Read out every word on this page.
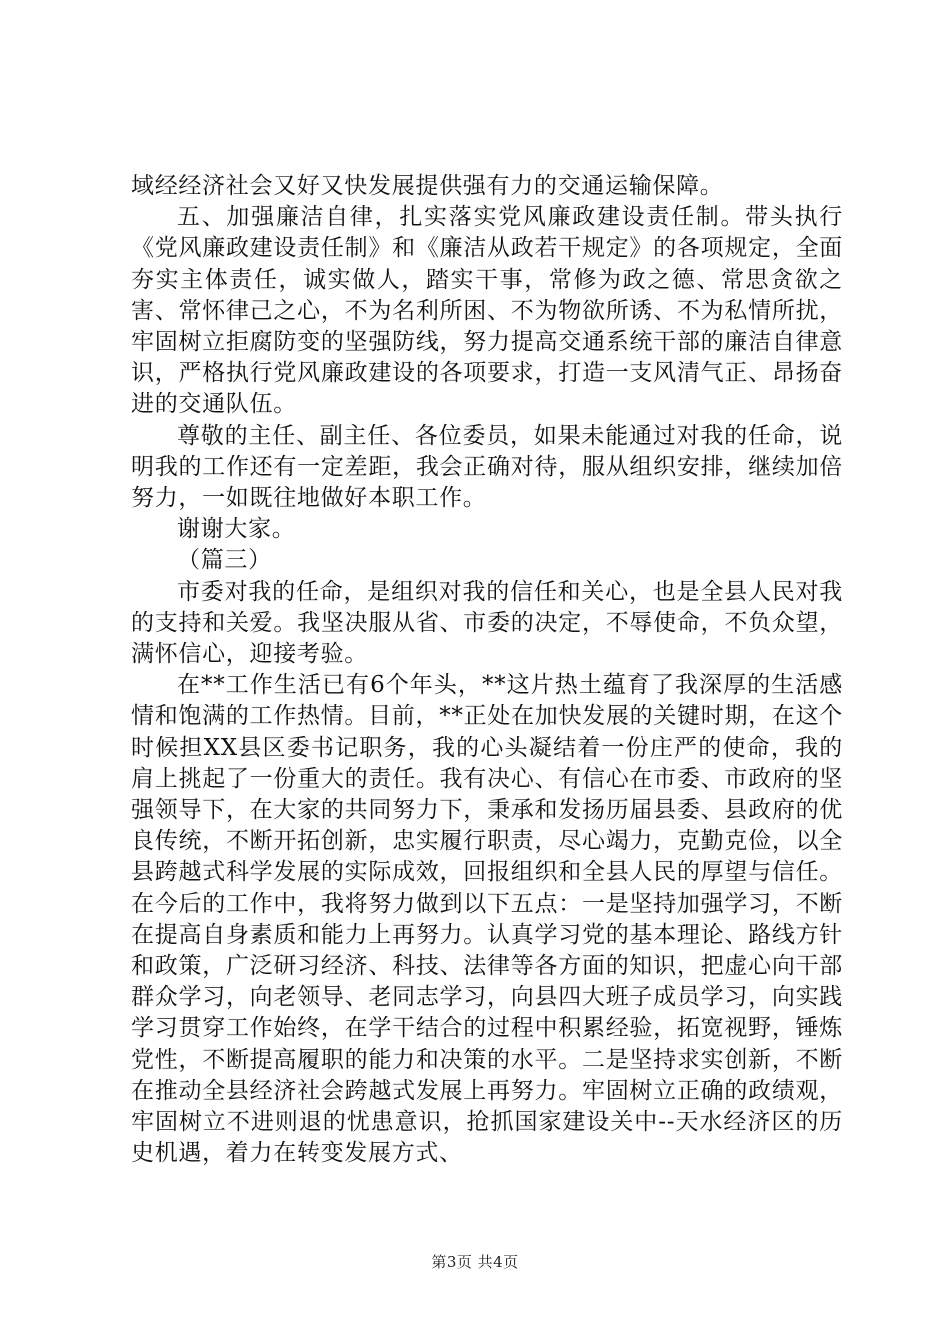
域经经济社会又好又快发展提供强有力的交通运输保障。

五、加强廉洁自律，扎实落实党风廉政建设责任制。带头执行《党风廉政建设责任制》和《廉洁从政若干规定》的各项规定，全面夯实主体责任，诚实做人，踏实干事，常修为政之德、常思贪欲之害、常怀律己之心，不为名利所困、不为物欲所诱、不为私情所扰，牢固树立拒腐防变的坚强防线，努力提高交通系统干部的廉洁自律意识，严格执行党风廉政建设的各项要求，打造一支风清气正、昂扬奋进的交通队伍。

尊敬的主任、副主任、各位委员，如果未能通过对我的任命，说明我的工作还有一定差距，我会正确对待，服从组织安排，继续加倍努力，一如既往地做好本职工作。

谢谢大家。

（篇三）

市委对我的任命，是组织对我的信任和关心，也是全县人民对我的支持和关爱。我坚决服从省、市委的决定，不辱使命，不负众望，满怀信心，迎接考验。

在**工作生活已有6个年头，**这片热土蕴育了我深厚的生活感情和饱满的工作热情。目前，**正处在加快发展的关键时期，在这个时候担XX县区委书记职务，我的心头凝结着一份庄严的使命，我的肩上挑起了一份重大的责任。我有决心、有信心在市委、市政府的坚强领导下，在大家的共同努力下，秉承和发扬历届县委、县政府的优良传统，不断开拓创新，忠实履行职责，尽心竭力，克勤克俭，以全县跨越式科学发展的实际成效，回报组织和全县人民的厚望与信任。在今后的工作中，我将努力做到以下五点：一是坚持加强学习，不断在提高自身素质和能力上再努力。认真学习党的基本理论、路线方针和政策，广泛研习经济、科技、法律等各方面的知识，把虚心向干部群众学习，向老领导、老同志学习，向县四大班子成员学习，向实践学习贯穿工作始终，在学干结合的过程中积累经验，拓宽视野，锤炼党性，不断提高履职的能力和决策的水平。二是坚持求实创新，不断在推动全县经济社会跨越式发展上再努力。牢固树立正确的政绩观，牢固树立不进则退的忧患意识，抢抓国家建设关中--天水经济区的历史机遇，着力在转变发展方式、

第3页 共4页
